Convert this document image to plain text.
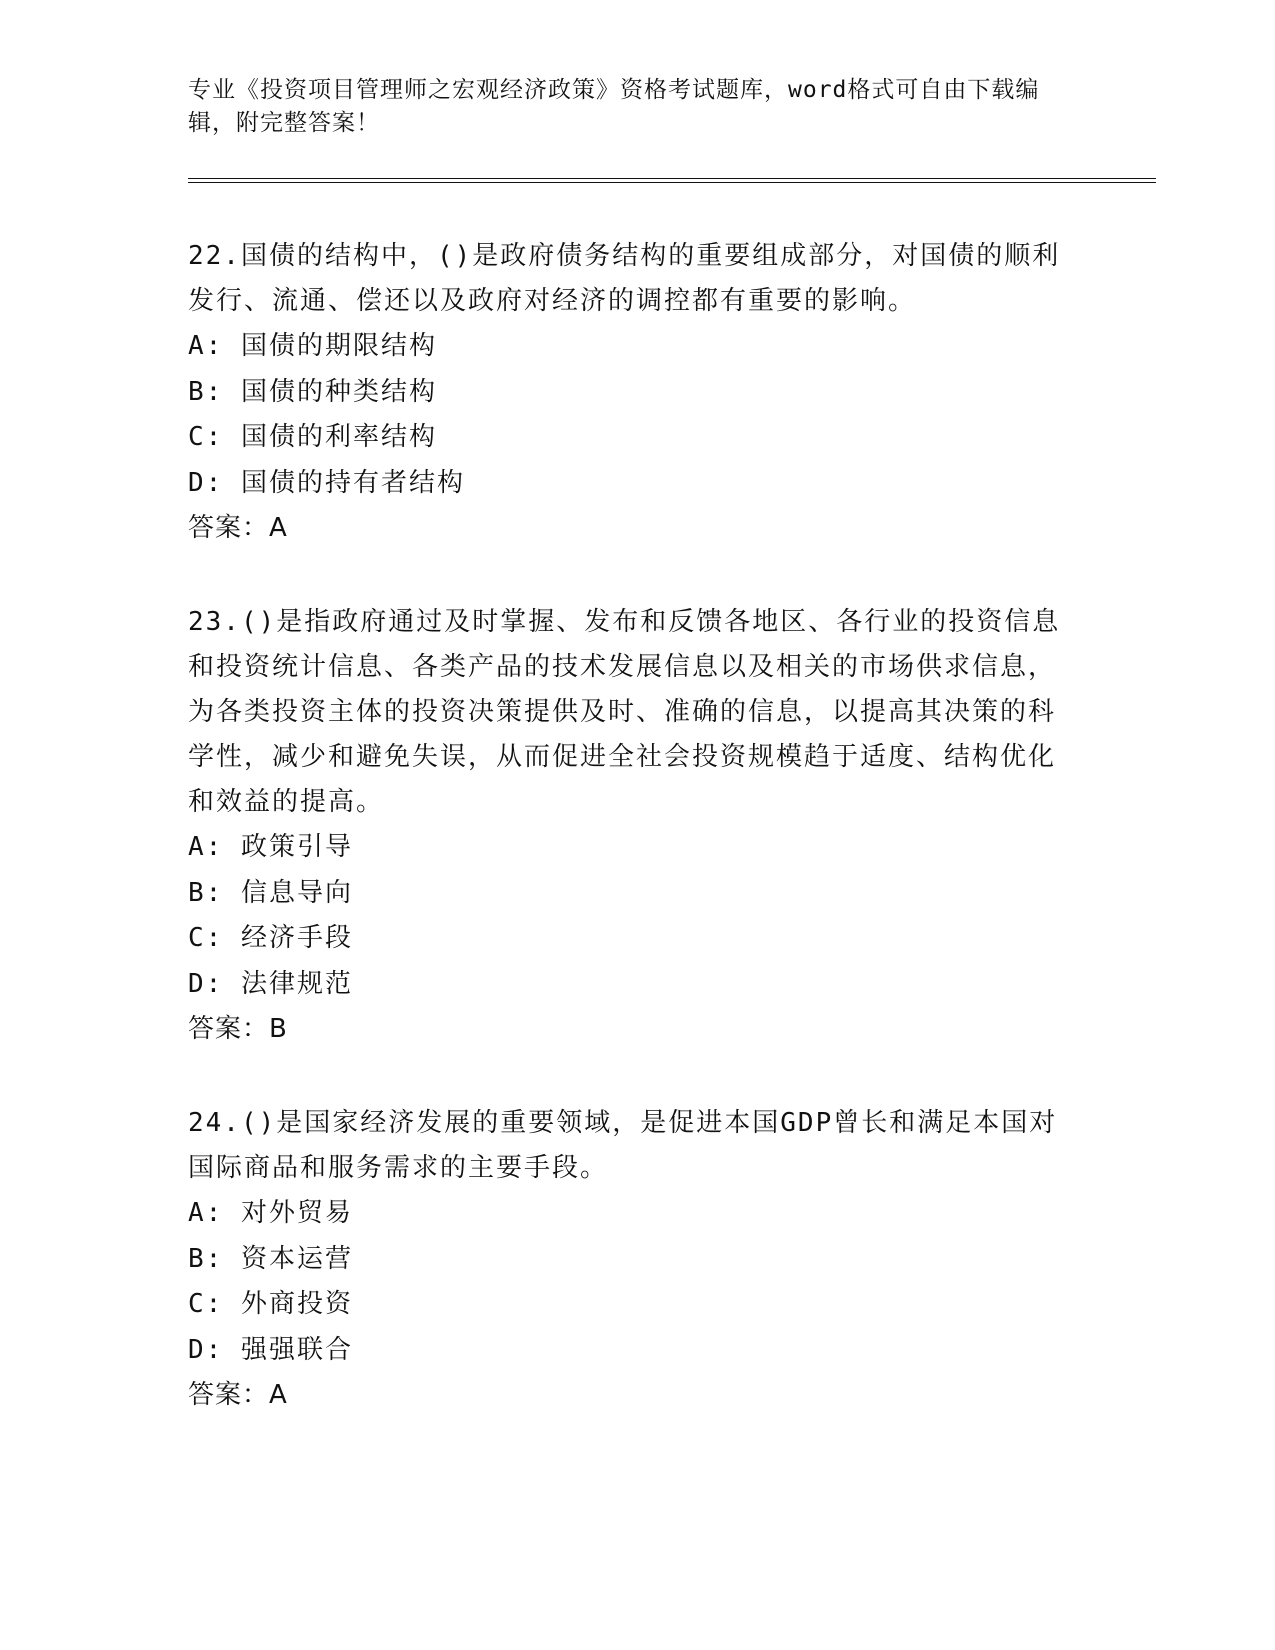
专业《投资项目管理师之宏观经济政策》资格考试题库，word格式可自由下载编辑，附完整答案！
22.国债的结构中，()是政府债务结构的重要组成部分，对国债的顺利发行、流通、偿还以及政府对经济的调控都有重要的影响。
A: 国债的期限结构
B: 国债的种类结构
C: 国债的利率结构
D: 国债的持有者结构
答案：A
23.()是指政府通过及时掌握、发布和反馈各地区、各行业的投资信息和投资统计信息、各类产品的技术发展信息以及相关的市场供求信息，为各类投资主体的投资决策提供及时、准确的信息，以提高其决策的科学性，减少和避免失误，从而促进全社会投资规模趋于适度、结构优化和效益的提高。
A: 政策引导
B: 信息导向
C: 经济手段
D: 法律规范
答案：B
24.()是国家经济发展的重要领域，是促进本国GDP曾长和满足本国对国际商品和服务需求的主要手段。
A: 对外贸易
B: 资本运营
C: 外商投资
D: 强强联合
答案：A
